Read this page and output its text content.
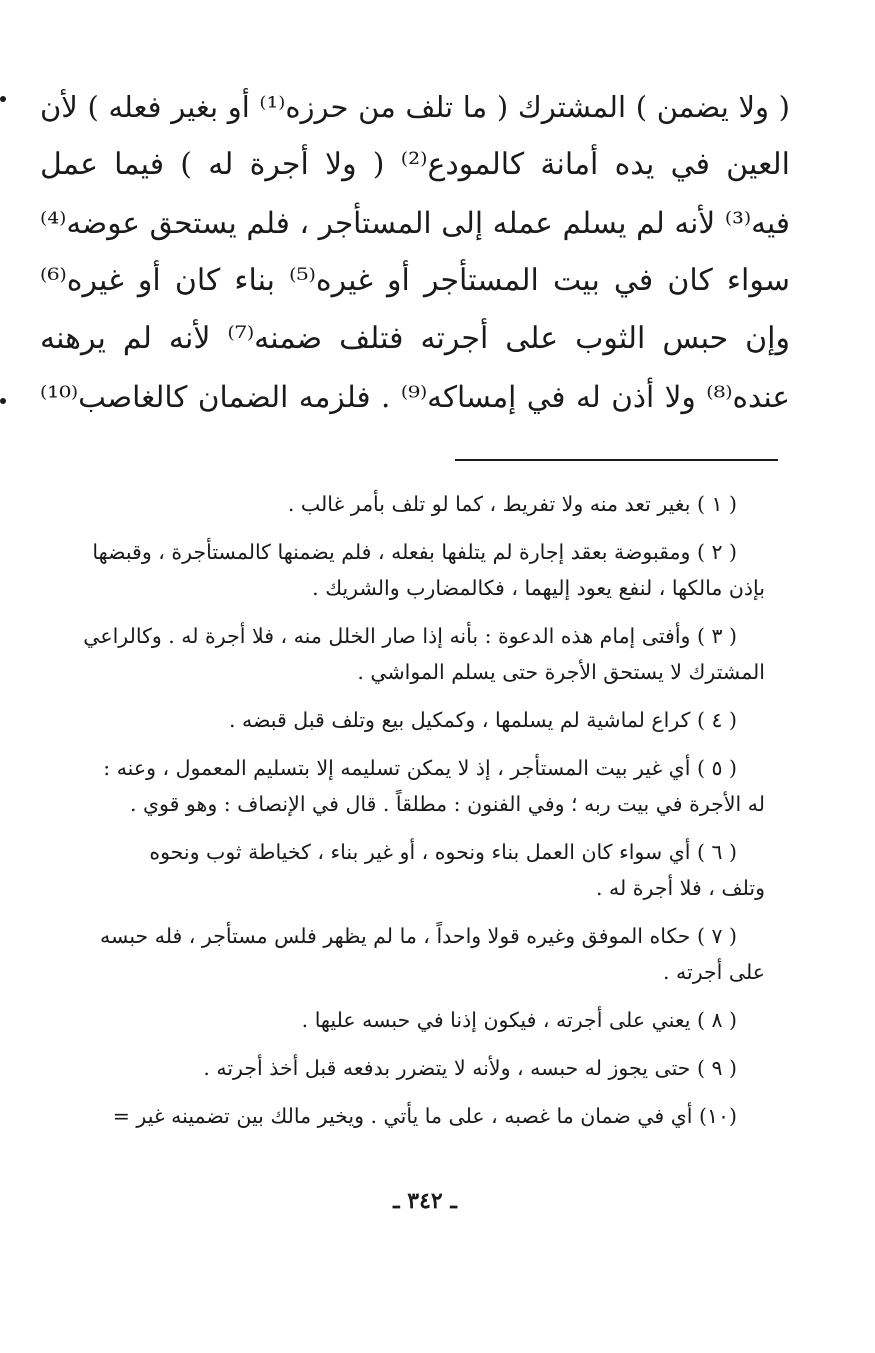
( ولا يضمن ) المشترك ( ما تلف من حرزه⁽¹⁾ أو بغير فعله ) لأن
العين في يده أمانة كالمودع⁽²⁾ ( ولا أجرة له ) فيما عمل
فيه⁽³⁾ لأنه لم يسلم عمله إلى المستأجر ، فلم يستحق عوضه⁽⁴⁾
سواء كان في بيت المستأجر أو غيره⁽⁵⁾ بناء كان أو غيره⁽⁶⁾
وإن حبس الثوب على أجرته فتلف ضمنه⁽⁷⁾ لأنه لم يرهنه
عنده⁽⁸⁾ ولا أذن له في إمساكه⁽⁹⁾ . فلزمه الضمان كالغاصب⁽¹⁰⁾
( ١ ) بغير تعد منه ولا تفريط ، كما لو تلف بأمر غالب .
( ٢ ) ومقبوضة بعقد إجارة لم يتلفها بفعله ، فلم يضمنها كالمستأجرة ، وقبضها
بإذن مالكها ، لنفع يعود إليهما ، فكالمضارب والشريك .
( ٣ ) وأفتى إمام هذه الدعوة : بأنه إذا صار الخلل منه ، فلا أجرة له . وكالراعي
المشترك لا يستحق الأجرة حتى يسلم المواشي .
( ٤ ) كراع لماشية لم يسلمها ، وكمكيل بيع وتلف قبل قبضه .
( ٥ ) أي غير بيت المستأجر ، إذ لا يمكن تسليمه إلا بتسليم المعمول ، وعنه :
له الأجرة في بيت ربه ؛ وفي الفنون : مطلقاً . قال في الإنصاف : وهو قوي .
( ٦ ) أي سواء كان العمل بناء ونحوه ، أو غير بناء ، كخياطة ثوب ونحوه
وتلف ، فلا أجرة له .
( ٧ ) حكاه الموفق وغيره قولا واحداً ، ما لم يظهر فلس مستأجر ، فله حبسه
على أجرته .
( ٨ ) يعني على أجرته ، فيكون إذنا في حبسه عليها .
( ٩ ) حتى يجوز له حبسه ، ولأنه لا يتضرر بدفعه قبل أخذ أجرته .
(١٠) أي في ضمان ما غصبه ، على ما يأتي . ويخير مالك بين تضمينه غير =
ـ ٣٤٢ ـ
